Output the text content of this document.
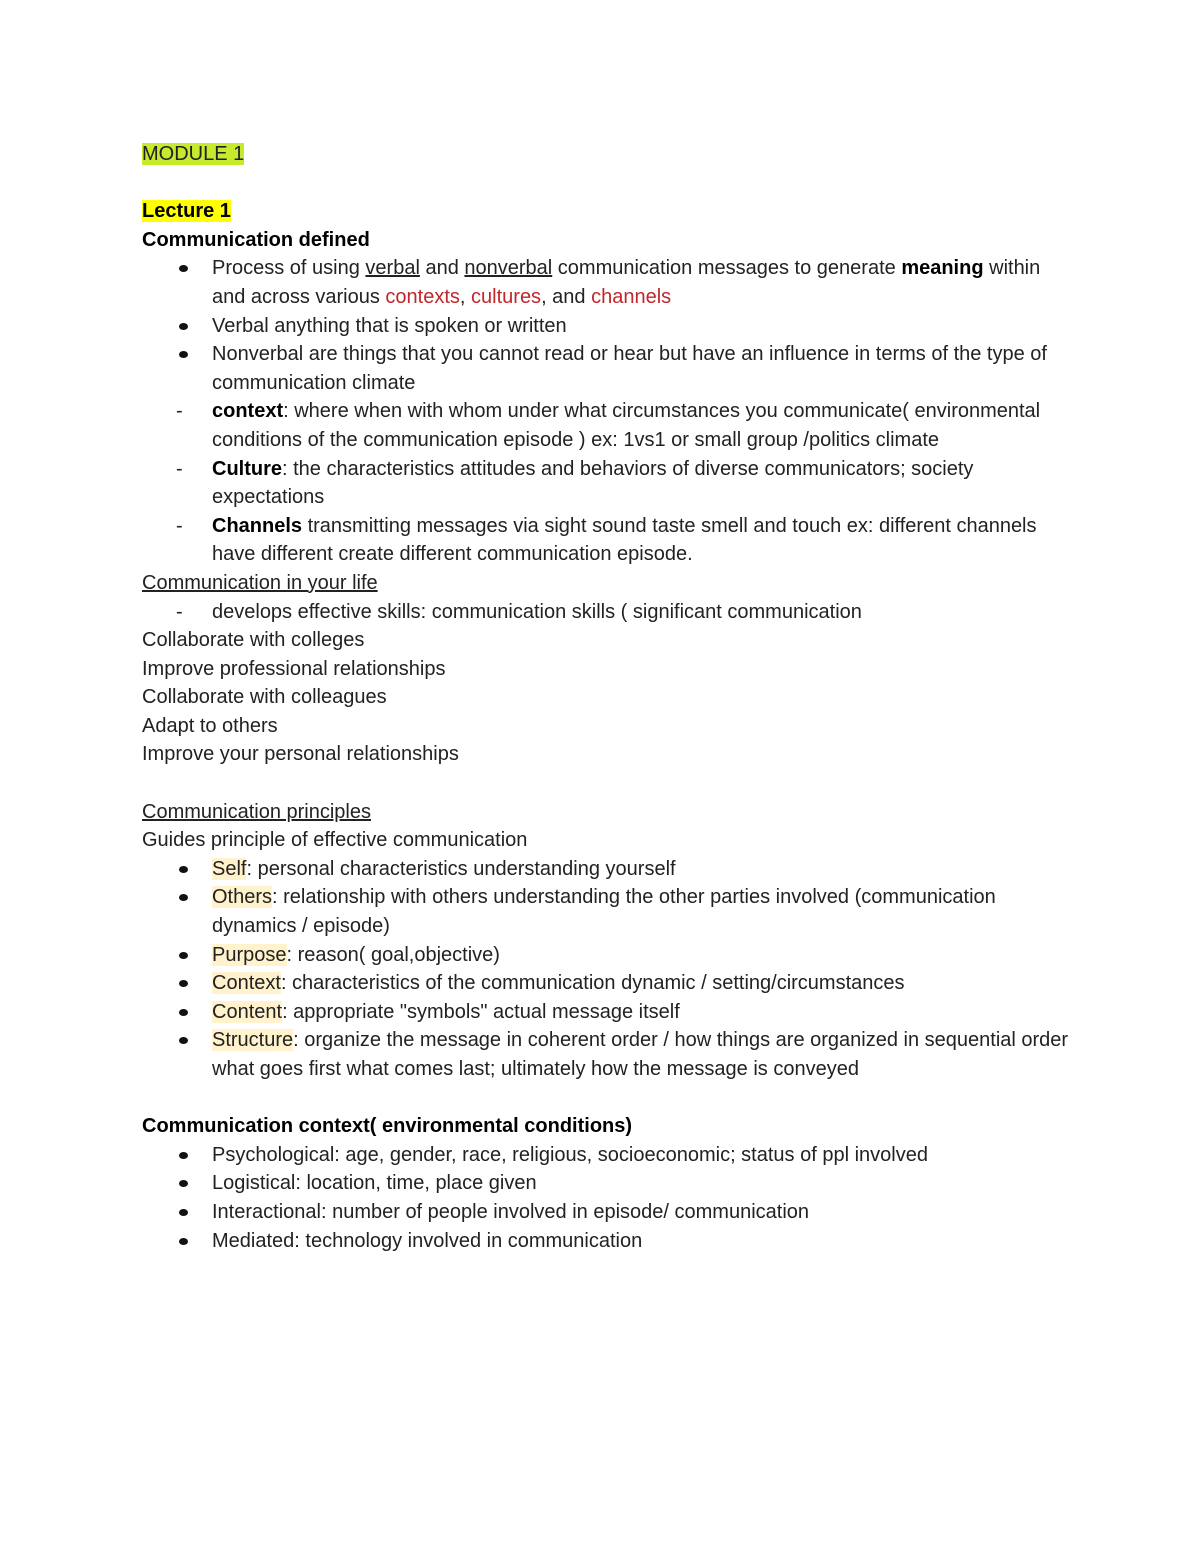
MODULE 1

Lecture 1

Communication defined

Process of using verbal and nonverbal communication messages to generate meaning within and across various contexts, cultures, and channels
Verbal anything that is spoken or written
Nonverbal are things that you cannot read or hear but have an influence in terms of the type of communication climate
- context: where when with whom under what circumstances you communicate( environmental conditions of the communication episode ) ex: 1vs1 or small group /politics climate
- Culture: the characteristics attitudes and behaviors of diverse communicators; society expectations
- Channels transmitting messages via sight sound taste smell and touch ex: different channels have different create different communication episode.

Communication in your life

- develops effective skills: communication skills ( significant communication

Collaborate with colleges

Improve professional relationships

Collaborate with colleagues

Adapt to others

Improve your personal relationships

Communication principles

Guides principle of effective communication

Self: personal characteristics understanding yourself
Others: relationship with others understanding the other parties involved (communication dynamics / episode)
Purpose: reason( goal,objective)
Context: characteristics of the communication dynamic / setting/circumstances
Content: appropriate "symbols" actual message itself
Structure: organize the message in coherent order / how things are organized in sequential order what goes first what comes last; ultimately how the message is conveyed

Communication context( environmental conditions)

Psychological: age, gender, race, religious, socioeconomic; status of ppl involved
Logistical: location, time, place given
Interactional: number of people involved in episode/ communication
Mediated: technology involved in communication
